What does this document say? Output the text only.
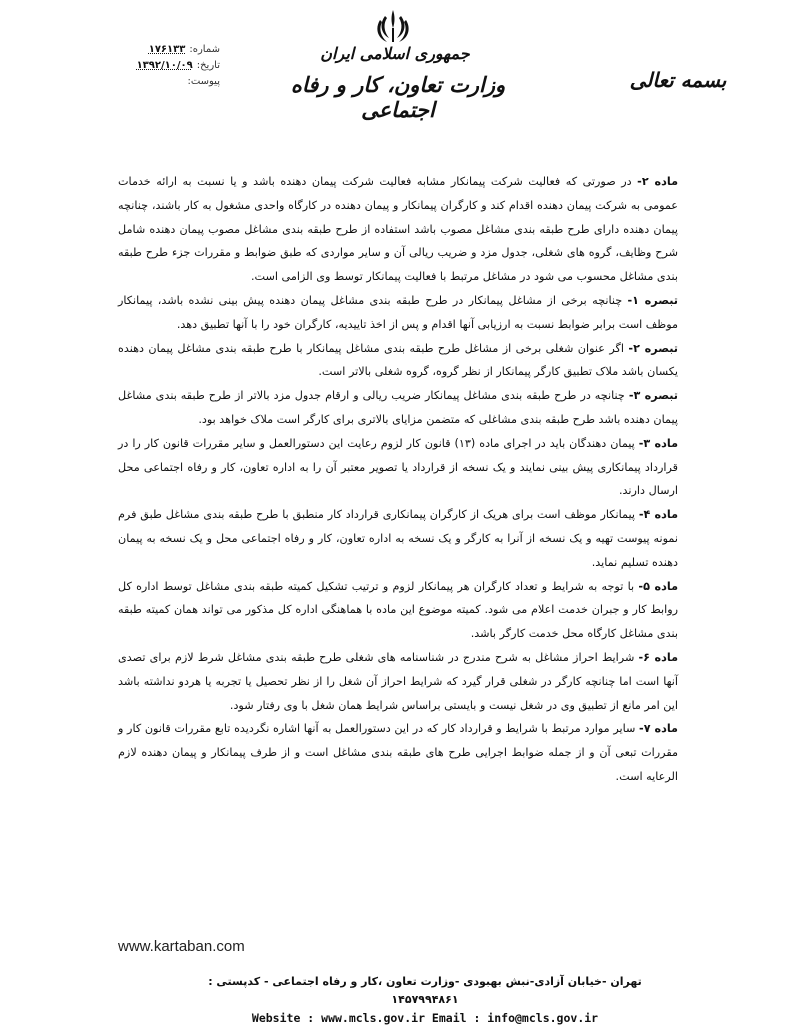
شماره:
۱۷۶۱۳۳
تاریخ:
۱۳۹۲/۱۰/۰۹
پیوست:
جمهوری اسلامی ایران
وزارت تعاون، کار و رفاه اجتماعی
بسمه تعالی

ماده ۲- در صورتی که فعالیت شرکت پیمانکار مشابه فعالیت شرکت پیمان دهنده باشد و یا نسبت به ارائه خدمات عمومی به شرکت پیمان دهنده اقدام کند و کارگران پیمانکار و پیمان دهنده در کارگاه واحدی مشغول به کار باشند، چنانچه پیمان دهنده دارای طرح طبقه بندی مشاغل مصوب باشد استفاده از طرح طبقه بندی مشاغل مصوب پیمان دهنده شامل شرح وظایف، گروه های شغلی، جدول مزد و ضریب ریالی آن و سایر مواردی که طبق ضوابط و مقررات جزء طرح طبقه بندی مشاغل محسوب می شود در مشاغل مرتبط با فعالیت پیمانکار توسط وی الزامی است.

تبصره ۱- چنانچه برخی از مشاغل پیمانکار در طرح طبقه بندی مشاغل پیمان دهنده پیش بینی نشده باشد، پیمانکار موظف است برابر ضوابط نسبت به ارزیابی آنها اقدام و پس از اخذ تاییدیه، کارگران خود را با آنها تطبیق دهد.

تبصره ۲- اگر عنوان شغلی برخی از مشاغل طرح طبقه بندی مشاغل پیمانکار با طرح طبقه بندی مشاغل پیمان دهنده یکسان باشد ملاک تطبیق کارگر پیمانکار از نظر گروه، گروه شغلی بالاتر است.

تبصره ۳- چنانچه در طرح طبقه بندی مشاغل پیمانکار ضریب ریالی و ارقام جدول مزد بالاتر از طرح طبقه بندی مشاغل پیمان دهنده باشد طرح طبقه بندی مشاغلی که متضمن مزایای بالاتری برای کارگر است ملاک خواهد بود.

ماده ۳- پیمان دهندگان باید در اجرای ماده (۱۳) قانون کار لزوم رعایت این دستورالعمل و سایر مقررات قانون کار را در قرارداد پیمانکاری پیش بینی نمایند و یک نسخه از قرارداد یا تصویر معتبر آن را به اداره تعاون، کار و رفاه اجتماعی محل ارسال دارند.

ماده ۴- پیمانکار موظف است برای هریک از کارگران پیمانکاری قرارداد کار منطبق با طرح طبقه بندی مشاغل طبق فرم نمونه پیوست تهیه و یک نسخه از آنرا به کارگر و یک نسخه به اداره تعاون، کار و رفاه اجتماعی محل و یک نسخه به پیمان دهنده تسلیم نماید.

ماده ۵- با توجه به شرایط و تعداد کارگران هر پیمانکار لزوم و ترتیب تشکیل کمیته طبقه بندی مشاغل توسط اداره کل روابط کار و جبران خدمت اعلام می شود. کمیته موضوع این ماده با هماهنگی اداره کل مذکور می تواند همان کمیته طبقه بندی مشاغل کارگاه محل خدمت کارگر باشد.

ماده ۶- شرایط احراز مشاغل به شرح مندرج در شناسنامه های شغلی طرح طبقه بندی مشاغل شرط لازم برای تصدی آنها است اما چنانچه کارگر در شغلی قرار گیرد که شرایط احراز آن شغل را از نظر تحصیل یا تجربه یا هردو نداشته باشد این امر مانع از تطبیق وی در شغل نیست و بایستی براساس شرایط همان شغل با وی رفتار شود.

ماده ۷- سایر موارد مرتبط با شرایط و قرارداد کار که در این دستورالعمل به آنها اشاره نگردیده تابع مقررات قانون کار و مقررات تبعی آن و از جمله ضوابط اجرایی طرح های طبقه بندی مشاغل است و از طرف پیمانکار و پیمان دهنده لازم الرعایه است.

www.kartaban.com
تهران -خیابان آزادی-نبش بهبودی -وزارت تعاون ،کار و رفاه اجتماعی - کدپستی : ۱۴۵۷۹۹۴۸۶۱
Website : www.mcls.gov.ir Email : info@mcls.gov.ir
